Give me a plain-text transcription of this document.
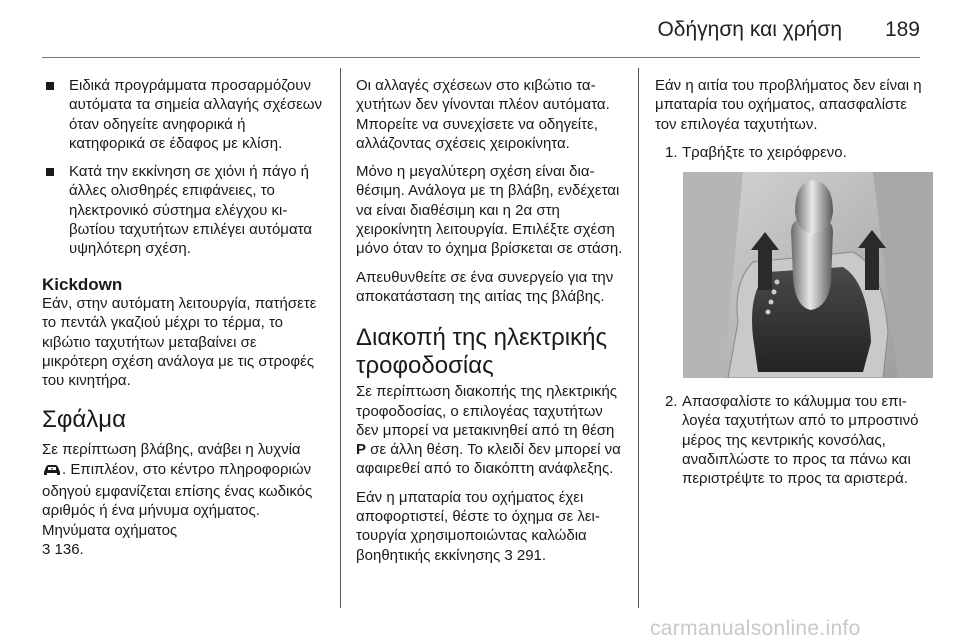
Οδήγηση και χρήση 189
Ειδικά προγράμματα προσαρμόζουν αυτόματα τα σημεία αλλαγής σχέσεων όταν οδηγείτε ανηφορικά ή κατηφορικά σε έδαφος με κλίση.
Κατά την εκκίνηση σε χιόνι ή πάγο ή άλλες ολισθηρές επιφάνειες, το ηλεκτρονικό σύστημα ελέγχου κιβωτίου ταχυτήτων επιλέγει αυτόματα υψηλότερη σχέση.
Kickdown

Εάν, στην αυτόματη λειτουργία, πατήσετε το πεντάλ γκαζιού μέχρι το τέρμα, το κιβώτιο ταχυτήτων μεταβαίνει σε μικρότερη σχέση ανάλογα με τις στροφές του κινητήρα.

Σφάλμα

Σε περίπτωση βλάβης, ανάβει η λυχνία . Επιπλέον, στο κέντρο πληροφοριών οδηγού εμφανίζεται επίσης ένας κωδικός αριθμός ή ένα μήνυμα οχήματος. Μηνύματα οχήματος
3 136.

Οι αλλαγές σχέσεων στο κιβώτιο ταχυτήτων δεν γίνονται πλέον αυτόματα. Μπορείτε να συνεχίσετε να οδηγείτε, αλλάζοντας σχέσεις χειροκίνητα.

Μόνο η μεγαλύτερη σχέση είναι διαθέσιμη. Ανάλογα με τη βλάβη, ενδέχεται να είναι διαθέσιμη και η 2α στη χειροκίνητη λειτουργία. Επιλέξτε σχέση μόνο όταν το όχημα βρίσκεται σε στάση.

Απευθυνθείτε σε ένα συνεργείο για την αποκατάσταση της αιτίας της βλάβης.

Διακοπή της ηλεκτρικής τροφοδοσίας

Σε περίπτωση διακοπής της ηλεκτρικής τροφοδοσίας, ο επιλογέας ταχυτήτων δεν μπορεί να μετακινηθεί από τη θέση P σε άλλη θέση. Το κλειδί δεν μπορεί να αφαιρεθεί από το διακόπτη ανάφλεξης.

Εάν η μπαταρία του οχήματος έχει αποφορτιστεί, θέστε το όχημα σε λειτουργία χρησιμοποιώντας καλώδια βοηθητικής εκκίνησης 3 291.

Εάν η αιτία του προβλήματος δεν είναι η μπαταρία του οχήματος, απασφαλίστε τον επιλογέα ταχυτήτων.

1. Τραβήξτε το χειρόφρενο.
2. Απασφαλίστε το κάλυμμα του επιλογέα ταχυτήτων από το μπροστινό μέρος της κεντρικής κονσόλας, αναδιπλώστε το προς τα πάνω και περιστρέψτε το προς τα αριστερά.
carmanualsonline.info
